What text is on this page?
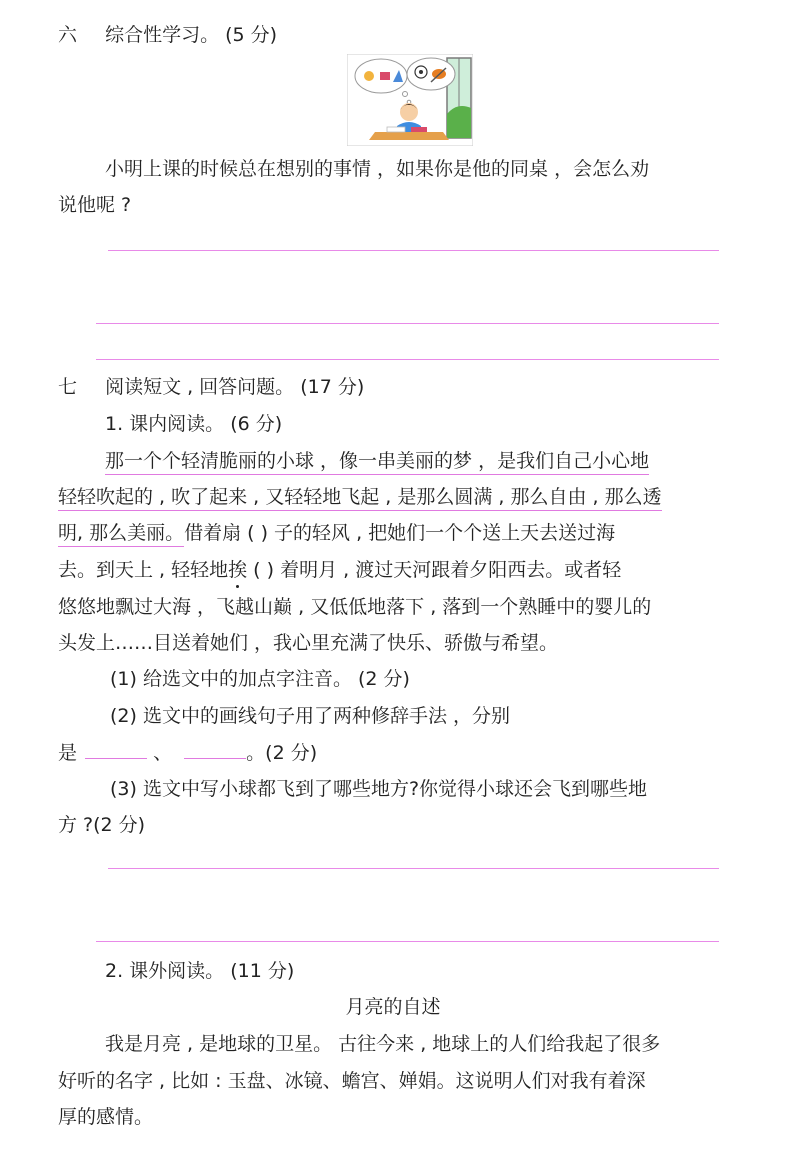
六 综合性学习。 (5 分)
小明上课的时候总在想别的事情 ，如果你是他的同桌 ，会怎么劝
说他呢 ?
七 阅读短文 , 回答问题。 (17 分)
1. 课内阅读。 (6 分)
那一个个轻清脆丽的小球 ，像一串美丽的梦 ，是我们自己小心地
轻轻吹起的 , 吹了起来 , 又轻轻地飞起 , 是那么圆满 , 那么自由 , 那么透
明, 那么美丽。借着扇 ( ) 子的轻风 , 把她们一个个送上天去送过海
去。到天上 , 轻轻地挨 ( ) 着明月 , 渡过天河跟着夕阳西去。或者轻
悠悠地飘过大海 ，飞越山巅 , 又低低地落下 , 落到一个熟睡中的婴儿的
头发上……目送着她们 ，我心里充满了快乐、骄傲与希望。
(1) 给选文中的加点字注音。 (2 分)
(2) 选文中的画线句子用了两种修辞手法 ，分别
是	、	。(2 分)
(3) 选文中写小球都飞到了哪些地方?你觉得小球还会飞到哪些地
方 ?(2 分)
2. 课外阅读。 (11 分)
月亮的自述
我是月亮 , 是地球的卫星。 古往今来 , 地球上的人们给我起了很多
好听的名字 , 比如 : 玉盘、冰镜、蟾宫、婵娟。这说明人们对我有着深
厚的感情。
